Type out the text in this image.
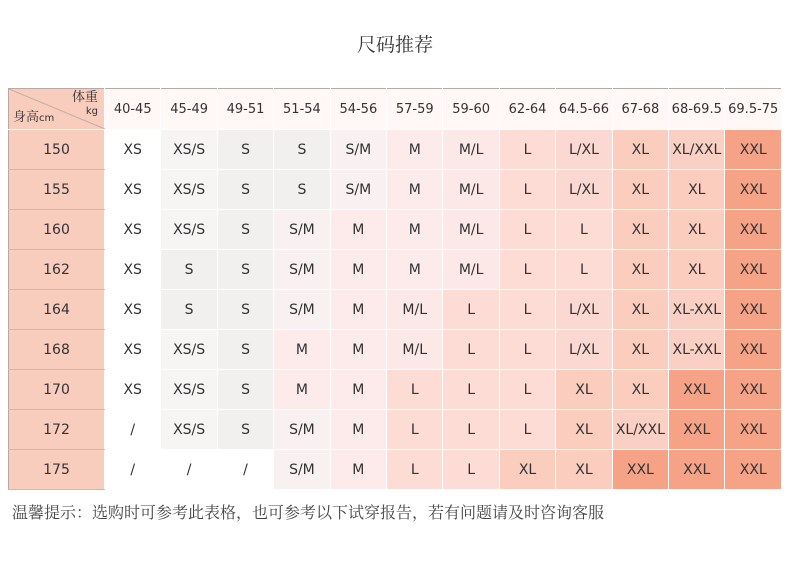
尺码推荐
体重
kg
身高cm	40-45	45-49	49-51	51-54	54-56	57-59	59-60	62-64	64.5-66	67-68	68-69.5	69.5-75
150	XS	XS/S	S	S	S/M	M	M/L	L	L/XL	XL	XL/XXL	XXL
155	XS	XS/S	S	S	S/M	M	M/L	L	L/XL	XL	XL	XXL
160	XS	XS/S	S	S/M	M	M	M/L	L	L	XL	XL	XXL
162	XS	S	S	S/M	M	M	M/L	L	L	XL	XL	XXL
164	XS	S	S	S/M	M	M/L	L	L	L/XL	XL	XL-XXL	XXL
168	XS	XS/S	S	M	M	M/L	L	L	L/XL	XL	XL-XXL	XXL
170	XS	XS/S	S	M	M	L	L	L	XL	XL	XXL	XXL
172	/	XS/S	S	S/M	M	L	L	L	XL	XL/XXL	XXL	XXL
175	/	/	/	S/M	M	L	L	XL	XL	XXL	XXL	XXL
温馨提示：选购时可参考此表格，也可参考以下试穿报告，若有问题请及时咨询客服
